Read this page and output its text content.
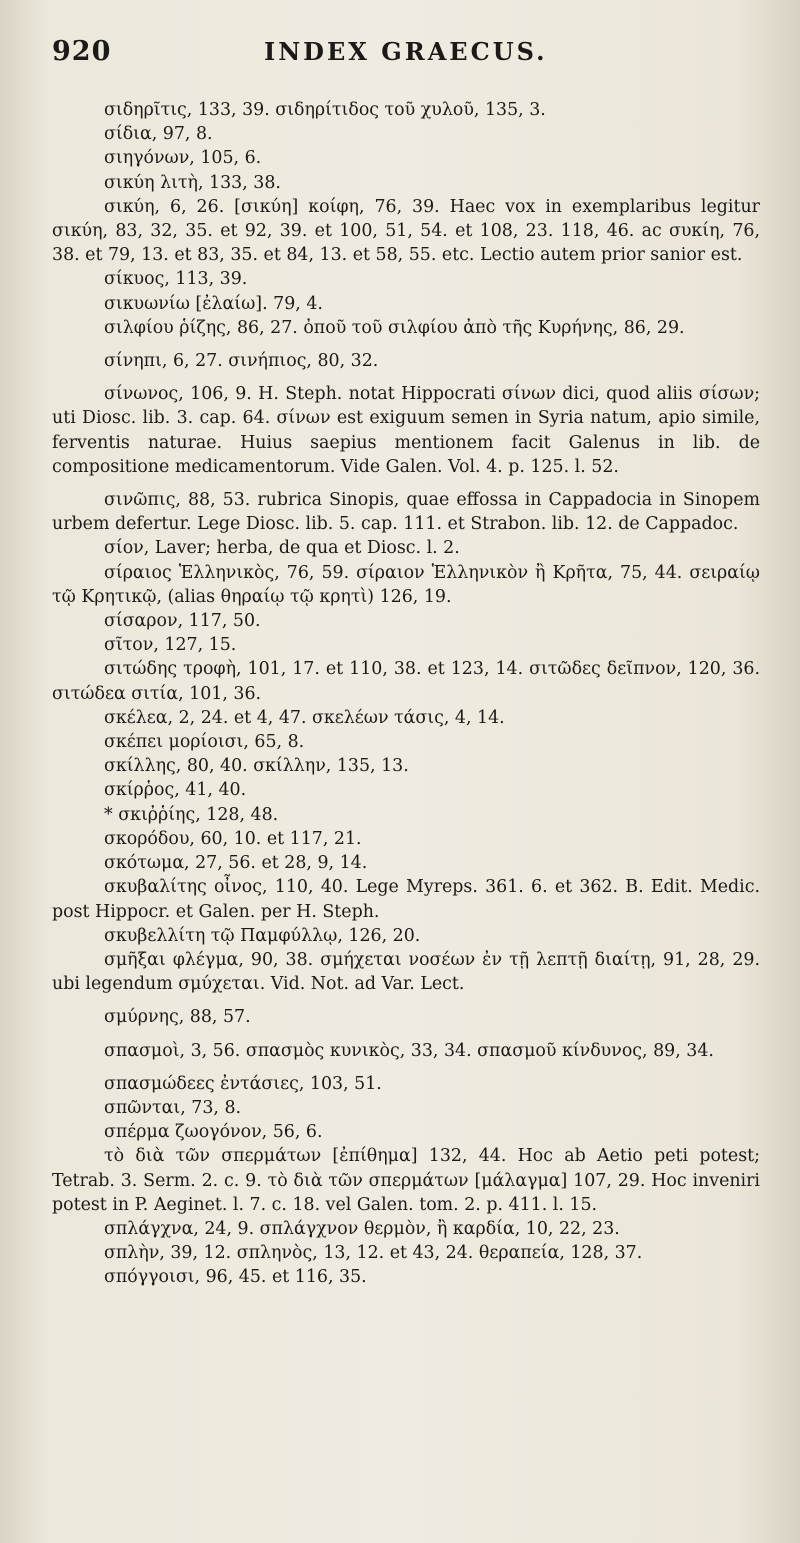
920	INDEX GRAECUS.

σιδηρῖτις, 133, 39. σιδηρίτιδος τοῦ χυλοῦ, 135, 3.

σίδια, 97, 8.

σιηγόνων, 105, 6.

σικύη λιτὴ, 133, 38.

σικύη, 6, 26. [σικύη] κοίφη, 76, 39. Haec vox in exemplaribus legitur σικύη, 83, 32, 35. et 92, 39. et 100, 51, 54. et 108, 23. 118, 46. ac συκίη, 76, 38. et 79, 13. et 83, 35. et 84, 13. et 58, 55. etc. Lectio autem prior sanior est.

σίκυος, 113, 39.

σικυωνίω [ἐλαίω]. 79, 4.

σιλφίου ῥίζης, 86, 27. ὀποῦ τοῦ σιλφίου ἀπὸ τῆς Κυρήνης, 86, 29.

σίνηπι, 6, 27. σινήπιος, 80, 32.

σίνωνος, 106, 9. H. Steph. notat Hippocrati σίνων dici, quod aliis σίσων; uti Diosc. lib. 3. cap. 64. σίνων est exiguum semen in Syria natum, apio simile, ferventis naturae. Huius saepius mentionem facit Galenus in lib. de compositione medicamentorum. Vide Galen. Vol. 4. p. 125. l. 52.

σινῶπις, 88, 53. rubrica Sinopis, quae effossa in Cappadocia in Sinopem urbem defertur. Lege Diosc. lib. 5. cap. 111. et Strabon. lib. 12. de Cappadoc.

σίον, Laver; herba, de qua et Diosc. l. 2.

σίραιος Ἑλληνικὸς, 76, 59. σίραιον Ἑλληνικὸν ἢ Κρῆτα, 75, 44. σειραίῳ τῷ Κρητικῷ, (alias θηραίῳ τῷ κρητὶ) 126, 19.

σίσαρον, 117, 50.

σῖτον, 127, 15.

σιτώδης τροφὴ, 101, 17. et 110, 38. et 123, 14. σιτῶδες δεῖπνον, 120, 36. σιτώδεα σιτία, 101, 36.

σκέλεα, 2, 24. et 4, 47. σκελέων τάσις, 4, 14.

σκέπει μορίοισι, 65, 8.

σκίλλης, 80, 40. σκίλλην, 135, 13.

σκίρῥος, 41, 40.

* σκιῤῥίης, 128, 48.

σκορόδου, 60, 10. et 117, 21.

σκότωμα, 27, 56. et 28, 9, 14.

σκυβαλίτης οἶνος, 110, 40. Lege Myreps. 361. 6. et 362. B. Edit. Medic. post Hippocr. et Galen. per H. Steph.

σκυβελλίτη τῷ Παμφύλλῳ, 126, 20.

σμῆξαι φλέγμα, 90, 38. σμήχεται νοσέων ἐν τῇ λεπτῇ διαίτῃ, 91, 28, 29. ubi legendum σμύχεται. Vid. Not. ad Var. Lect.

σμύρνης, 88, 57.

σπασμοὶ, 3, 56. σπασμὸς κυνικὸς, 33, 34. σπασμοῦ κίνδυνος, 89, 34.

σπασμώδεες ἐντάσιες, 103, 51.

σπῶνται, 73, 8.

σπέρμα ζωογόνον, 56, 6.

τὸ διὰ τῶν σπερμάτων [ἐπίθημα] 132, 44. Hoc ab Aetio peti potest; Tetrab. 3. Serm. 2. c. 9. τὸ διὰ τῶν σπερμάτων [μάλαγμα] 107, 29. Hoc inveniri potest in P. Aeginet. l. 7. c. 18. vel Galen. tom. 2. p. 411. l. 15.

σπλάγχνα, 24, 9. σπλάγχνον θερμὸν, ἢ καρδία, 10, 22, 23.

σπλὴν, 39, 12. σπληνὸς, 13, 12. et 43, 24. θεραπεία, 128, 37.

σπόγγοισι, 96, 45. et 116, 35.
